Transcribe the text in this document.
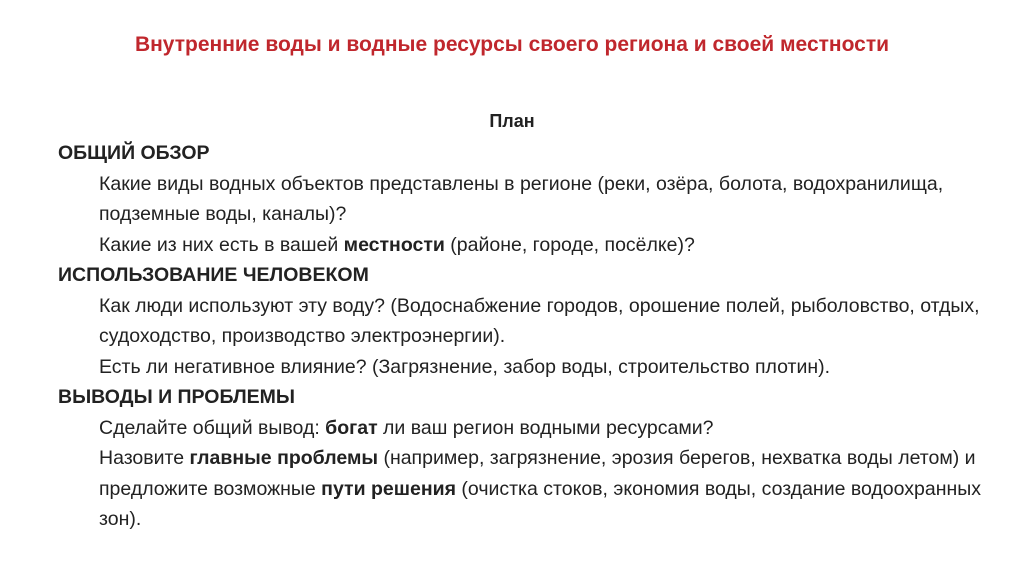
Внутренние воды и водные ресурсы своего региона и своей местности
План
ОБЩИЙ ОБЗОР
Какие виды водных объектов представлены в регионе (реки, озёра, болота, водохранилища, подземные воды, каналы)?
Какие из них есть в вашей местности (районе, городе, посёлке)?
ИСПОЛЬЗОВАНИЕ ЧЕЛОВЕКОМ
Как люди используют эту воду? (Водоснабжение городов, орошение полей, рыболовство, отдых, судоходство, производство электроэнергии).
Есть ли негативное влияние? (Загрязнение, забор воды, строительство плотин).
ВЫВОДЫ И ПРОБЛЕМЫ
Сделайте общий вывод: богат ли ваш регион водными ресурсами?
Назовите главные проблемы (например, загрязнение, эрозия берегов, нехватка воды летом) и предложите возможные пути решения (очистка стоков, экономия воды, создание водоохранных зон).
